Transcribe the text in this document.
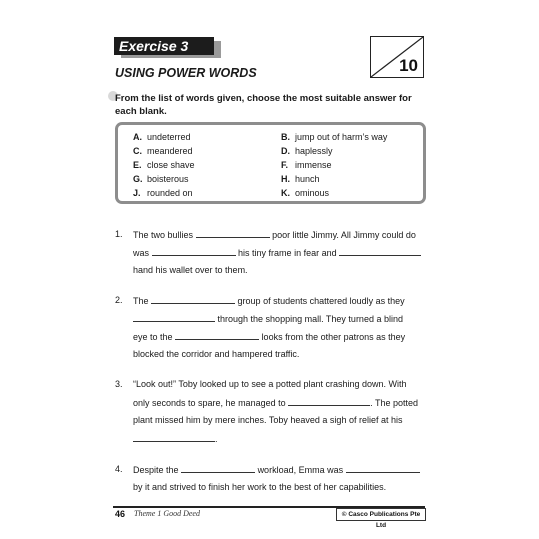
Exercise 3
USING POWER WORDS	10
From the list of words given, choose the most suitable answer for each blank.
A. undeterred	B. jump out of harm’s way
C. meandered	D. haplessly
E. close shave	F. immense
G. boisterous	H. hunch
J. rounded on	K. ominous
1. The two bullies	poor little Jimmy. All Jimmy could do
was	his tiny frame in fear and
hand his wallet over to them.
2. The	group of students chattered loudly as they
through the shopping mall. They turned a blind
eye to the	looks from the other patrons as they
blocked the corridor and hampered traffic.
3. “Look out!” Toby looked up to see a potted plant crashing down. With
only seconds to spare, he managed to	. The potted
plant missed him by mere inches. Toby heaved a sigh of relief at his
.
4. Despite the	workload, Emma was
by it and strived to finish her work to the best of her capabilities.
46 Theme 1 Good Deed	© Casco Publications Pte Ltd
